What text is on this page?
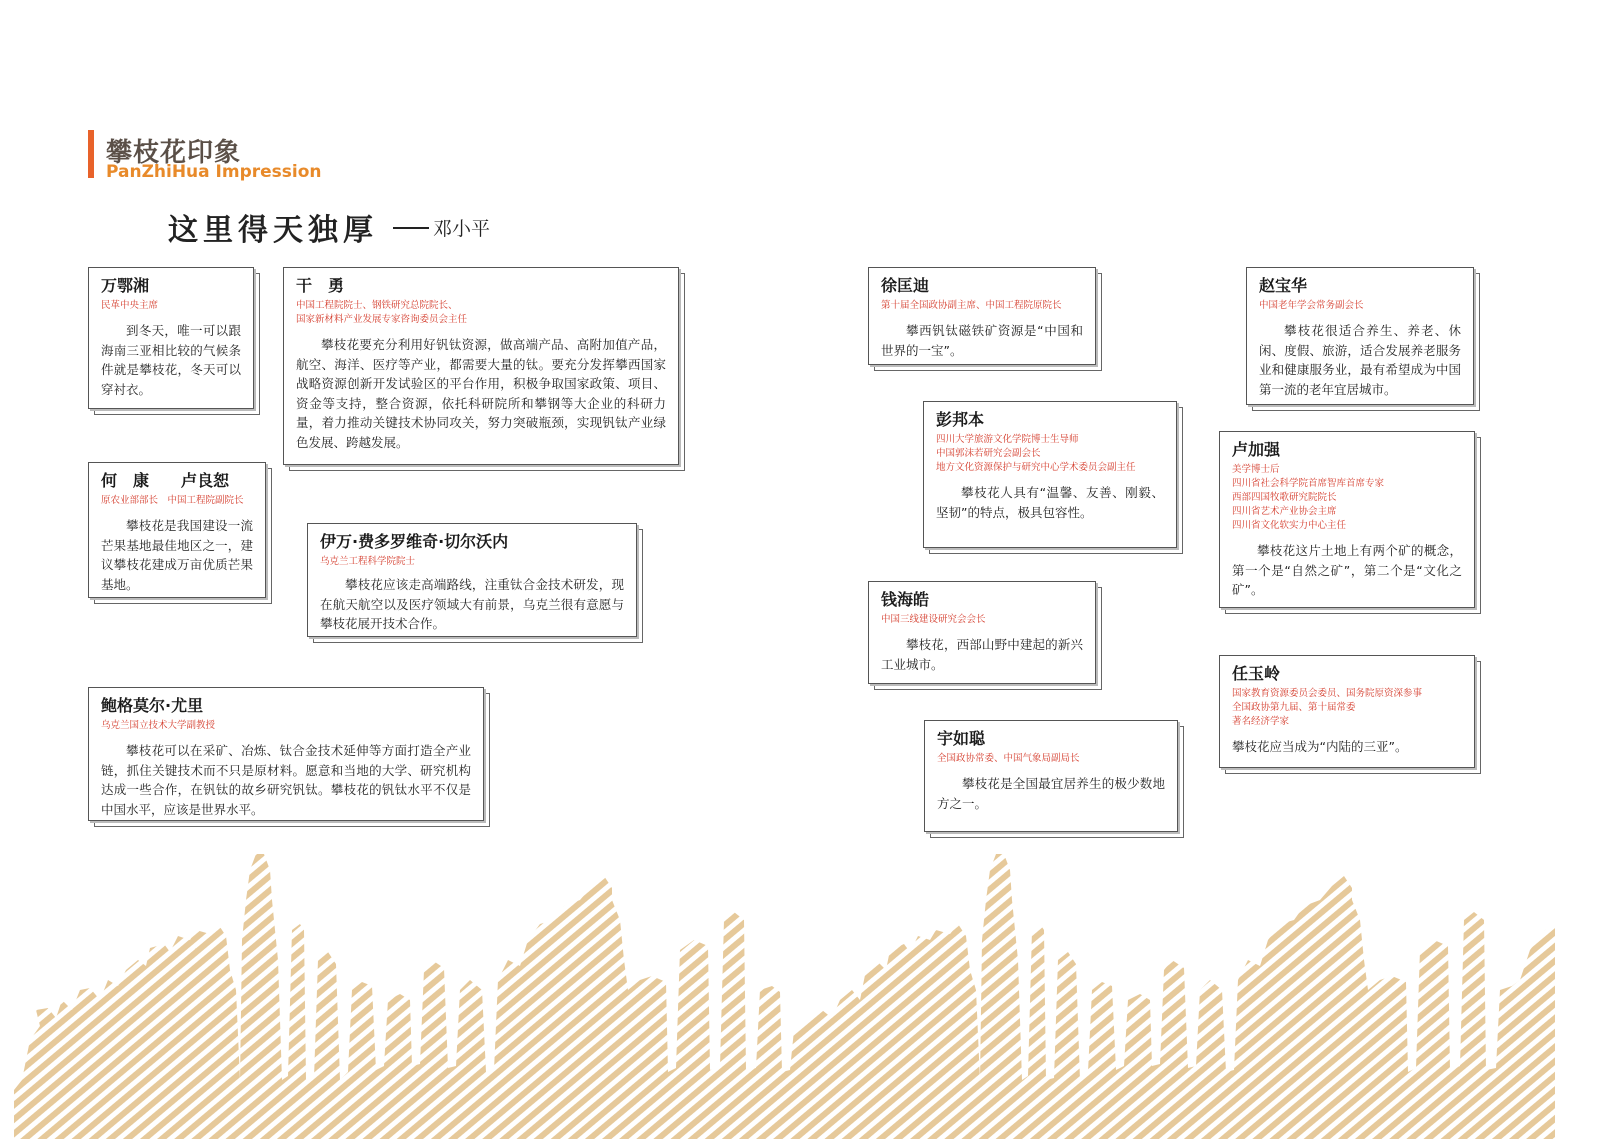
攀枝花印象
PanZhiHua Impression
这里得天独厚	邓小平
万鄂湘
民革中央主席
到冬天，唯一可以跟海南三亚相比较的气候条件就是攀枝花，冬天可以穿衬衣。
干　勇
中国工程院院士、钢铁研究总院院长、
国家新材料产业发展专家咨询委员会主任
攀枝花要充分利用好钒钛资源，做高端产品、高附加值产品，航空、海洋、医疗等产业，都需要大量的钛。要充分发挥攀西国家战略资源创新开发试验区的平台作用，积极争取国家政策、项目、资金等支持，整合资源，依托科研院所和攀钢等大企业的科研力量，着力推动关键技术协同攻关，努力突破瓶颈，实现钒钛产业绿色发展、跨越发展。
何　康　　卢良恕
原农业部部长　中国工程院副院长
攀枝花是我国建设一流芒果基地最佳地区之一，建议攀枝花建成万亩优质芒果基地。
伊万·费多罗维奇·切尔沃内
乌克兰工程科学院院士
攀枝花应该走高端路线，注重钛合金技术研发，现在航天航空以及医疗领域大有前景，乌克兰很有意愿与攀枝花展开技术合作。
鲍格莫尔·尤里
乌克兰国立技术大学副教授
攀枝花可以在采矿、冶炼、钛合金技术延伸等方面打造全产业链，抓住关键技术而不只是原材料。愿意和当地的大学、研究机构达成一些合作，在钒钛的故乡研究钒钛。攀枝花的钒钛水平不仅是中国水平，应该是世界水平。
徐匡迪
第十届全国政协副主席、中国工程院原院长
攀西钒钛磁铁矿资源是“中国和世界的一宝”。
彭邦本
四川大学旅游文化学院博士生导师
中国郭沫若研究会副会长
地方文化资源保护与研究中心学术委员会副主任
攀枝花人具有“温馨、友善、刚毅、坚韧”的特点，极具包容性。
钱海皓
中国三线建设研究会会长
攀枝花，西部山野中建起的新兴工业城市。
宇如聪
全国政协常委、中国气象局副局长
攀枝花是全国最宜居养生的极少数地方之一。
赵宝华
中国老年学会常务副会长
攀枝花很适合养生、养老、休闲、度假、旅游，适合发展养老服务业和健康服务业，最有希望成为中国第一流的老年宜居城市。
卢加强
美学博士后
四川省社会科学院首席智库首席专家
西部四国牧歌研究院院长
四川省艺术产业协会主席
四川省文化软实力中心主任
攀枝花这片土地上有两个矿的概念，第一个是“自然之矿”，第二个是“文化之矿”。
任玉岭
国家教育资源委员会委员、国务院原资深参事
全国政协第九届、第十届常委
著名经济学家
攀枝花应当成为“内陆的三亚”。
